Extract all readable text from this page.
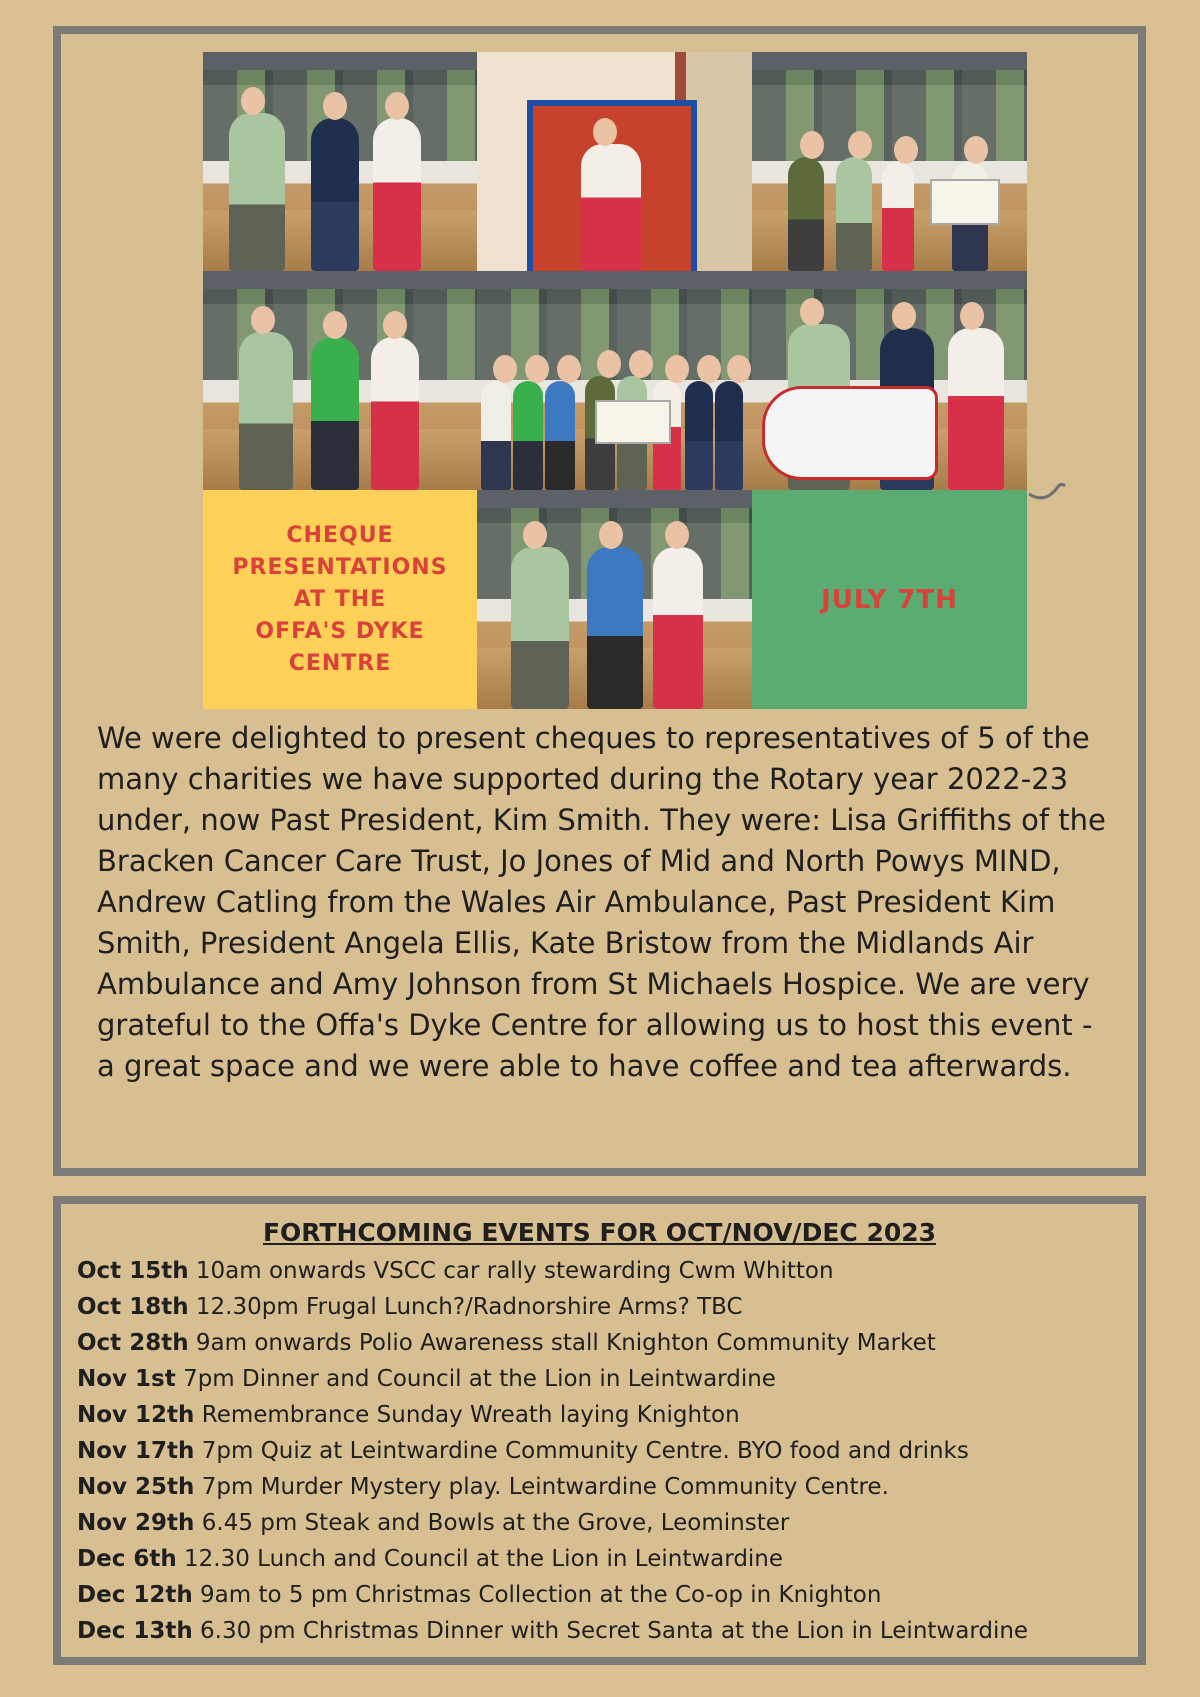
CHEQUE
PRESENTATIONS
AT THE
OFFA'S DYKE
CENTRE
JULY 7TH

We were delighted to present cheques to representatives of 5 of the many charities we have supported during the Rotary year 2022-23 under, now Past President, Kim Smith. They were: Lisa Griffiths of the Bracken Cancer Care Trust, Jo Jones of Mid and North Powys MIND, Andrew Catling from the Wales Air Ambulance, Past President Kim Smith, President Angela Ellis, Kate Bristow from the Midlands Air Ambulance and Amy Johnson from St Michaels Hospice. We are very grateful to the Offa's Dyke Centre for allowing us to host this event - a great space and we were able to have coffee and tea afterwards.

FORTHCOMING EVENTS FOR OCT/NOV/DEC 2023
Oct 15th 10am onwards VSCC car rally stewarding Cwm Whitton
Oct 18th 12.30pm Frugal Lunch?/Radnorshire Arms? TBC
Oct 28th 9am onwards Polio Awareness stall Knighton Community Market
Nov 1st 7pm Dinner and Council at the Lion in Leintwardine
Nov 12th Remembrance Sunday Wreath laying Knighton
Nov 17th 7pm Quiz at Leintwardine Community Centre. BYO food and drinks
Nov 25th 7pm Murder Mystery play. Leintwardine Community Centre.
Nov 29th 6.45 pm Steak and Bowls at the Grove, Leominster
Dec 6th 12.30 Lunch and Council at the Lion in Leintwardine
Dec 12th 9am to 5 pm Christmas Collection at the Co-op in Knighton
Dec 13th 6.30 pm Christmas Dinner with Secret Santa at the Lion in Leintwardine
